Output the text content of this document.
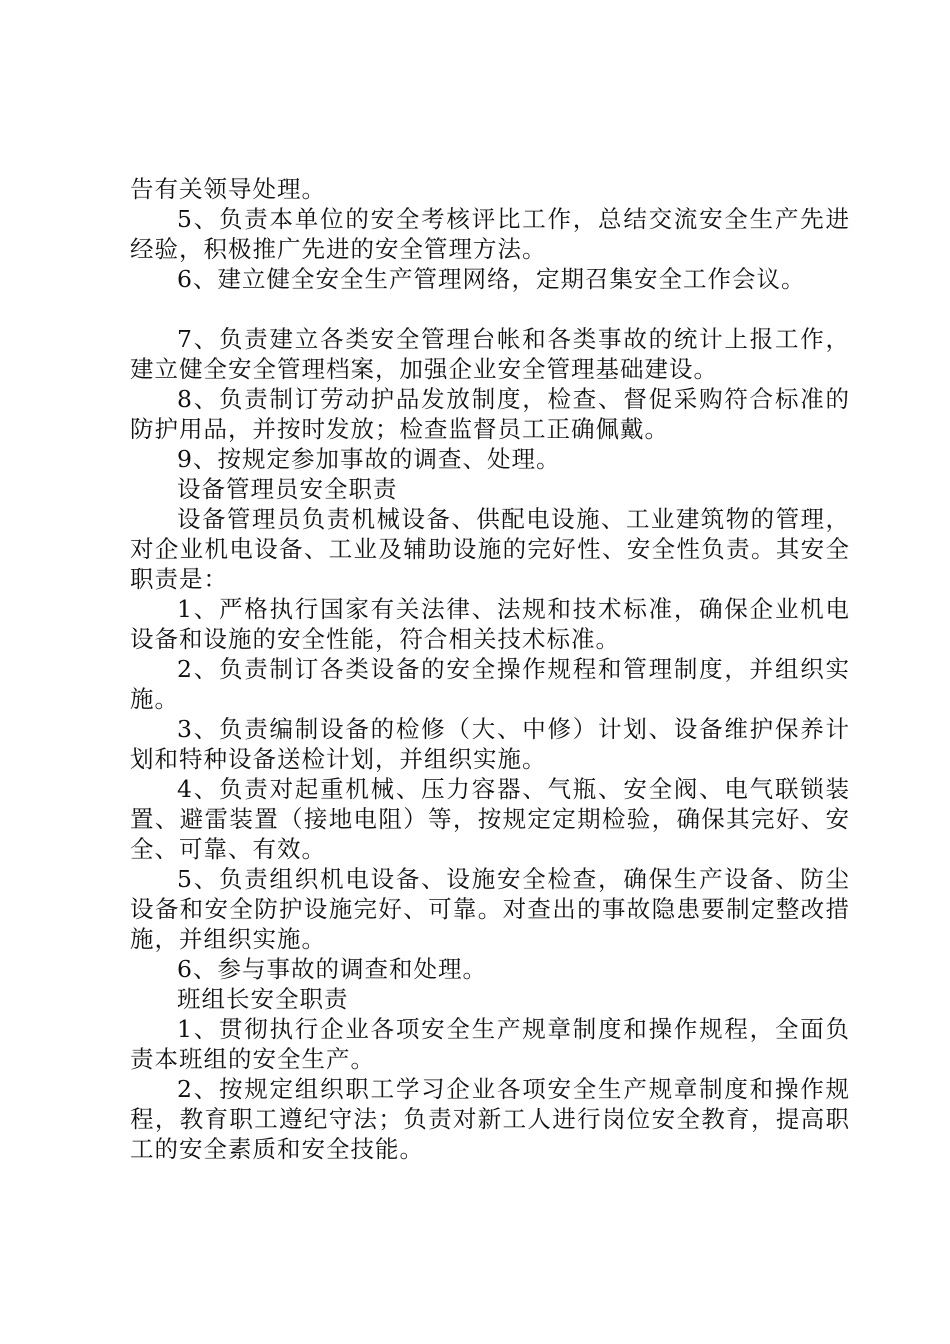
告有关领导处理。

5、负责本单位的安全考核评比工作，总结交流安全生产先进经验，积极推广先进的安全管理方法。

6、建立健全安全生产管理网络，定期召集安全工作会议。

7、负责建立各类安全管理台帐和各类事故的统计上报工作，建立健全安全管理档案，加强企业安全管理基础建设。

8、负责制订劳动护品发放制度，检查、督促采购符合标准的防护用品，并按时发放；检查监督员工正确佩戴。

9、按规定参加事故的调查、处理。

设备管理员安全职责

设备管理员负责机械设备、供配电设施、工业建筑物的管理，对企业机电设备、工业及辅助设施的完好性、安全性负责。其安全职责是：

1、严格执行国家有关法律、法规和技术标准，确保企业机电设备和设施的安全性能，符合相关技术标准。

2、负责制订各类设备的安全操作规程和管理制度，并组织实施。

3、负责编制设备的检修（大、中修）计划、设备维护保养计划和特种设备送检计划，并组织实施。

4、负责对起重机械、压力容器、气瓶、安全阀、电气联锁装置、避雷装置（接地电阻）等，按规定定期检验，确保其完好、安全、可靠、有效。

5、负责组织机电设备、设施安全检查，确保生产设备、防尘设备和安全防护设施完好、可靠。对查出的事故隐患要制定整改措施，并组织实施。

6、参与事故的调查和处理。

班组长安全职责

1、贯彻执行企业各项安全生产规章制度和操作规程，全面负责本班组的安全生产。

2、按规定组织职工学习企业各项安全生产规章制度和操作规程，教育职工遵纪守法；负责对新工人进行岗位安全教育，提高职工的安全素质和安全技能。
